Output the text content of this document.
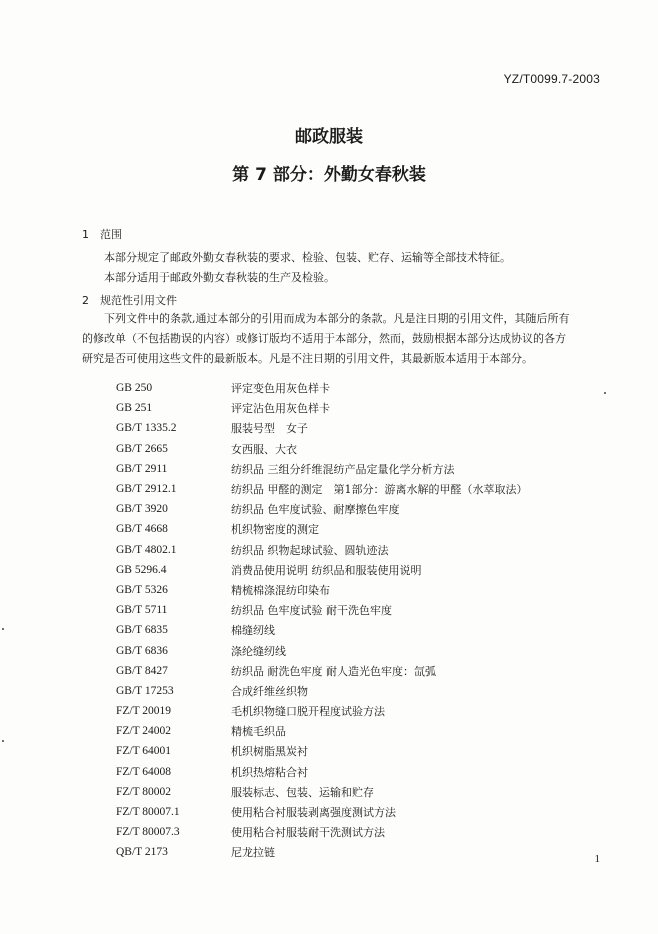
YZ/T0099.7-2003
邮政服装
第 7 部分：外勤女春秋装
1 范围
本部分规定了邮政外勤女春秋装的要求、检验、包装、贮存、运输等全部技术特征。
本部分适用于邮政外勤女春秋装的生产及检验。
2 规范性引用文件
下列文件中的条款,通过本部分的引用而成为本部分的条款。凡是注日期的引用文件，其随后所有
的修改单（不包括勘误的内容）或修订版均不适用于本部分，然而，鼓励根据本部分达成协议的各方
研究是否可使用这些文件的最新版本。凡是不注日期的引用文件，其最新版本适用于本部分。
GB 250	评定变色用灰色样卡
GB 251	评定沾色用灰色样卡
GB/T 1335.2	服装号型　女子
GB/T 2665	女西服、大衣
GB/T 2911	纺织品 三组分纤维混纺产品定量化学分析方法
GB/T 2912.1	纺织品 甲醛的测定　第1部分：游离水解的甲醛（水萃取法）
GB/T 3920	纺织品 色牢度试验、耐摩擦色牢度
GB/T 4668	机织物密度的测定
GB/T 4802.1	纺织品 织物起球试验、圆轨迹法
GB 5296.4	消费品使用说明 纺织品和服装使用说明
GB/T 5326	精梳棉涤混纺印染布
GB/T 5711	纺织品 色牢度试验 耐干洗色牢度
GB/T 6835	棉缝纫线
GB/T 6836	涤纶缝纫线
GB/T 8427	纺织品 耐洗色牢度 耐人造光色牢度：氙弧
GB/T 17253	合成纤维丝织物
FZ/T 20019	毛机织物缝口脱开程度试验方法
FZ/T 24002	精梳毛织品
FZ/T 64001	机织树脂黑炭衬
FZ/T 64008	机织热熔粘合衬
FZ/T 80002	服装标志、包装、运输和贮存
FZ/T 80007.1	使用粘合衬服装剥离强度测试方法
FZ/T 80007.3	使用粘合衬服装耐干洗测试方法
QB/T 2173	尼龙拉链	1
